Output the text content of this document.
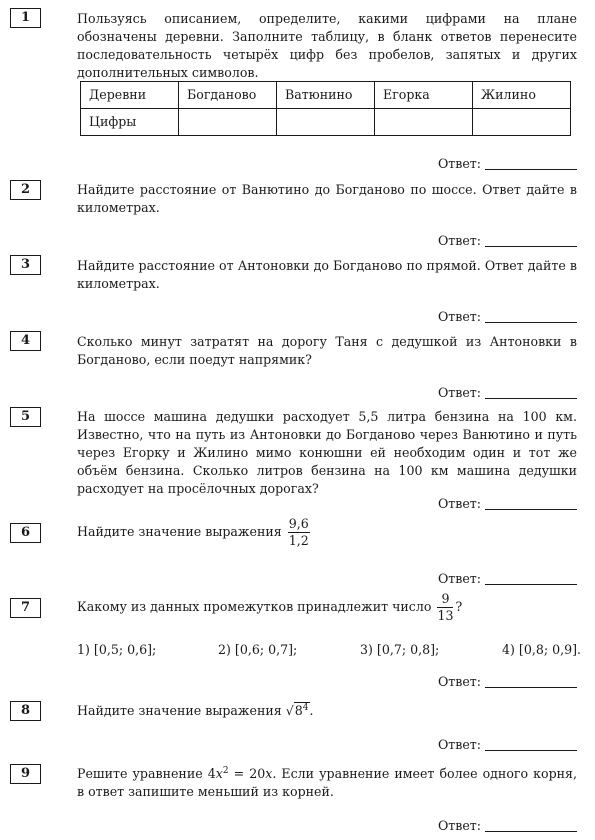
1	Пользуясь описанием, определите, какими цифрами на плане обозначены деревни. Заполните таблицу, в бланк ответов перенесите последовательность четырёх цифр без пробелов, запятых и других дополнительных символов.
Деревни	Богданово	Ватюнино	Егорка	Жилино
Цифры				
Ответ:
2	Найдите расстояние от Ванютино до Богданово по шоссе. Ответ дайте в километрах.
Ответ:
3	Найдите расстояние от Антоновки до Богданово по прямой. Ответ дайте в километрах.
Ответ:
4	Сколько минут затратят на дорогу Таня с дедушкой из Антоновки в Богданово, если поедут напрямик?
Ответ:
5	На шоссе машина дедушки расходует 5,5 литра бензина на 100 км. Известно, что на путь из Антоновки до Богданово через Ванютино и путь через Егорку и Жилино мимо конюшни ей необходим один и тот же объём бензина. Сколько литров бензина на 100 км машина дедушки расходует на просёлочных дорогах?
Ответ:
6	Найдите значение выражения $\frac{9,6}{1,2}$
Ответ:
7	Какому из данных промежутков принадлежит число $\frac{9}{13}$ ?
1) [0,5; 0,6];	2) [0,6; 0,7];	3) [0,7; 0,8];	4) [0,8; 0,9].
Ответ:
8	Найдите значение выражения $√8^4$.
Ответ:
9	Решите уравнение $4x^2 = 20x$. Если уравнение имеет более одного корня, в ответ запишите меньший из корней.
Ответ:
